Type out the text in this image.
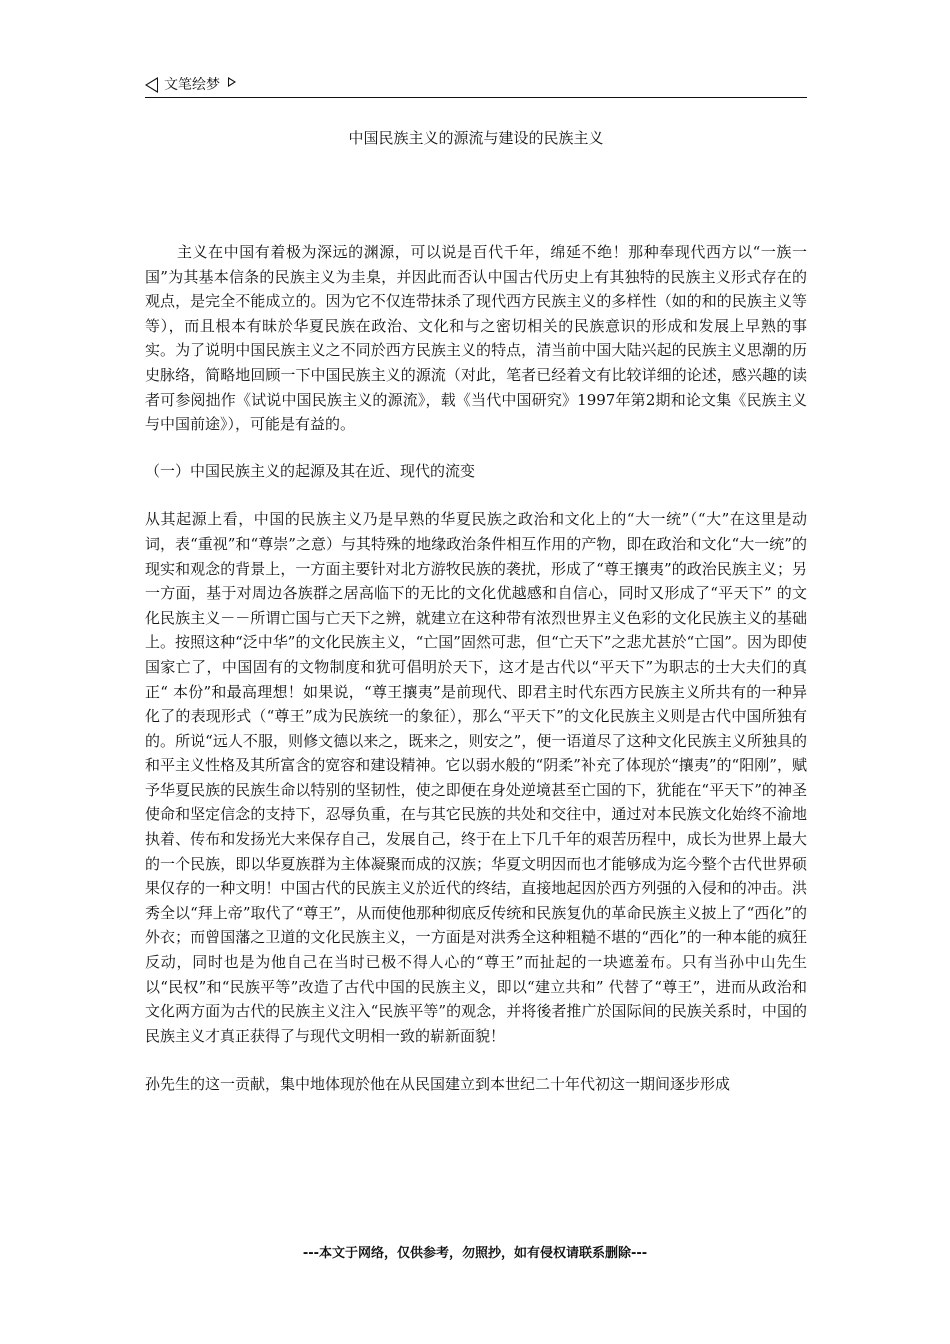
文笔绘梦
中国民族主义的源流与建设的民族主义

主义在中国有着极为深远的渊源，可以说是百代千年，绵延不绝！那种奉现代西方以“一族一国”为其基本信条的民族主义为圭臬，并因此而否认中国古代历史上有其独特的民族主义形式存在的观点，是完全不能成立的。因为它不仅连带抹杀了现代西方民族主义的多样性（如的和的民族主义等等），而且根本有昧於华夏民族在政治、文化和与之密切相关的民族意识的形成和发展上早熟的事实。为了说明中国民族主义之不同於西方民族主义的特点，清当前中国大陆兴起的民族主义思潮的历史脉络，简略地回顾一下中国民族主义的源流（对此，笔者已经着文有比较详细的论述，感兴趣的读者可参阅拙作《试说中国民族主义的源流》，载《当代中国研究》1997年第2期和论文集《民族主义与中国前途》），可能是有益的。

（一）中国民族主义的起源及其在近、现代的流变

从其起源上看，中国的民族主义乃是早熟的华夏民族之政治和文化上的“大一统”（“大”在这里是动词，表“重视”和“尊崇”之意）与其特殊的地缘政治条件相互作用的产物，即在政治和文化“大一统”的现实和观念的背景上，一方面主要针对北方游牧民族的袭扰，形成了“尊王攘夷”的政治民族主义；另一方面，基于对周边各族群之居高临下的无比的文化优越感和自信心，同时又形成了“平天下” 的文化民族主义－－所谓亡国与亡天下之辨，就建立在这种带有浓烈世界主义色彩的文化民族主义的基础上。按照这种“泛中华”的文化民族主义，“亡国”固然可悲，但“亡天下”之悲尤甚於“亡国”。因为即使国家亡了，中国固有的文物制度和犹可倡明於天下，这才是古代以“平天下”为职志的士大夫们的真正“ 本份”和最高理想！如果说，“尊王攘夷”是前现代、即君主时代东西方民族主义所共有的一种异化了的表现形式（“尊王”成为民族统一的象征），那么“平天下”的文化民族主义则是古代中国所独有的。所说“远人不服，则修文德以来之，既来之，则安之”，便一语道尽了这种文化民族主义所独具的和平主义性格及其所富含的宽容和建设精神。它以弱水般的“阴柔”补充了体现於“攘夷”的“阳刚”，赋予华夏民族的民族生命以特别的坚韧性，使之即便在身处逆境甚至亡国的下，犹能在“平天下”的神圣使命和坚定信念的支持下，忍辱负重，在与其它民族的共处和交往中，通过对本民族文化始终不渝地执着、传布和发扬光大来保存自己，发展自己，终于在上下几千年的艰苦历程中，成长为世界上最大的一个民族，即以华夏族群为主体凝聚而成的汉族；华夏文明因而也才能够成为迄今整个古代世界硕果仅存的一种文明！中国古代的民族主义於近代的终结，直接地起因於西方列强的入侵和的冲击。洪秀全以“拜上帝”取代了“尊王”，从而使他那种彻底反传统和民族复仇的革命民族主义披上了“西化”的外衣；而曾国藩之卫道的文化民族主义，一方面是对洪秀全这种粗糙不堪的“西化”的一种本能的疯狂反动，同时也是为他自己在当时已极不得人心的“尊王”而扯起的一块遮羞布。只有当孙中山先生以“民权”和“民族平等”改造了古代中国的民族主义，即以“建立共和” 代替了“尊王”，进而从政治和文化两方面为古代的民族主义注入“民族平等”的观念，并将後者推广於国际间的民族关系时，中国的民族主义才真正获得了与现代文明相一致的崭新面貌！

孙先生的这一贡献，集中地体现於他在从民国建立到本世纪二十年代初这一期间逐步形成

---本文于网络，仅供参考，勿照抄，如有侵权请联系删除---
